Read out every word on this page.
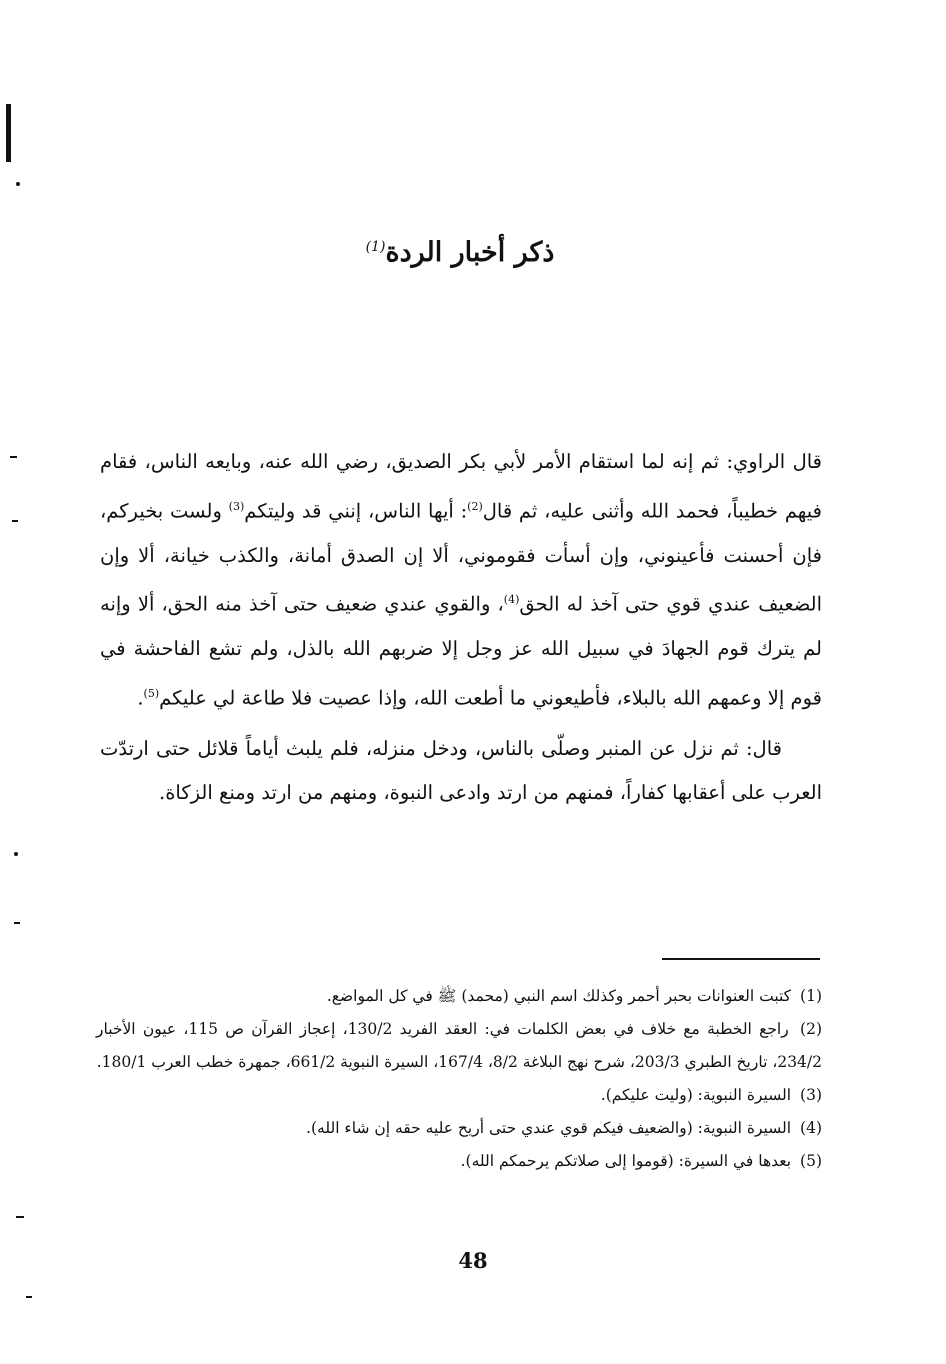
ذكر أخبار الردة$^{(1)}$

قال الراوي: ثم إنه لما استقام الأمر لأبي بكر الصديق، رضي الله عنه، وبايعه الناس، فقام فيهم خطيباً، فحمد الله وأثنى عليه، ثم قال$^{(2)}$: أيها الناس، إنني قد وليتكم$^{(3)}$ ولست بخيركم، فإن أحسنت فأعينوني، وإن أسأت فقوموني، ألا إن الصدق أمانة، والكذب خيانة، ألا وإن الضعيف عندي قوي حتى آخذ له الحق$^{(4)}$، والقوي عندي ضعيف حتى آخذ منه الحق، ألا وإنه لم يترك قوم الجهادَ في سبيل الله عز وجل إلا ضربهم الله بالذل، ولم تشع الفاحشة في قوم إلا وعمهم الله بالبلاء، فأطيعوني ما أطعت الله، وإذا عصيت فلا طاعة لي عليكم$^{(5)}$.

قال: ثم نزل عن المنبر وصلّى بالناس، ودخل منزله، فلم يلبث أياماً قلائل حتى ارتدّت العرب على أعقابها كفاراً، فمنهم من ارتد وادعى النبوة، ومنهم من ارتد ومنع الزكاة.

(1) كتبت العنوانات بحبر أحمر وكذلك اسم النبي (محمد) ﷺ في كل المواضع.

(2) راجع الخطبة مع خلاف في بعض الكلمات في: العقد الفريد 130/2، إعجاز القرآن ص 115، عيون الأخبار 234/2، تاريخ الطبري 203/3، شرح نهج البلاغة 8/2، 167/4، السيرة النبوية 661/2، جمهرة خطب العرب 180/1.

(3) السيرة النبوية: (وليت عليكم).

(4) السيرة النبوية: (والضعيف فيكم قوي عندي حتى أريح عليه حقه إن شاء الله).

(5) بعدها في السيرة: (قوموا إلى صلاتكم يرحمكم الله).

48
